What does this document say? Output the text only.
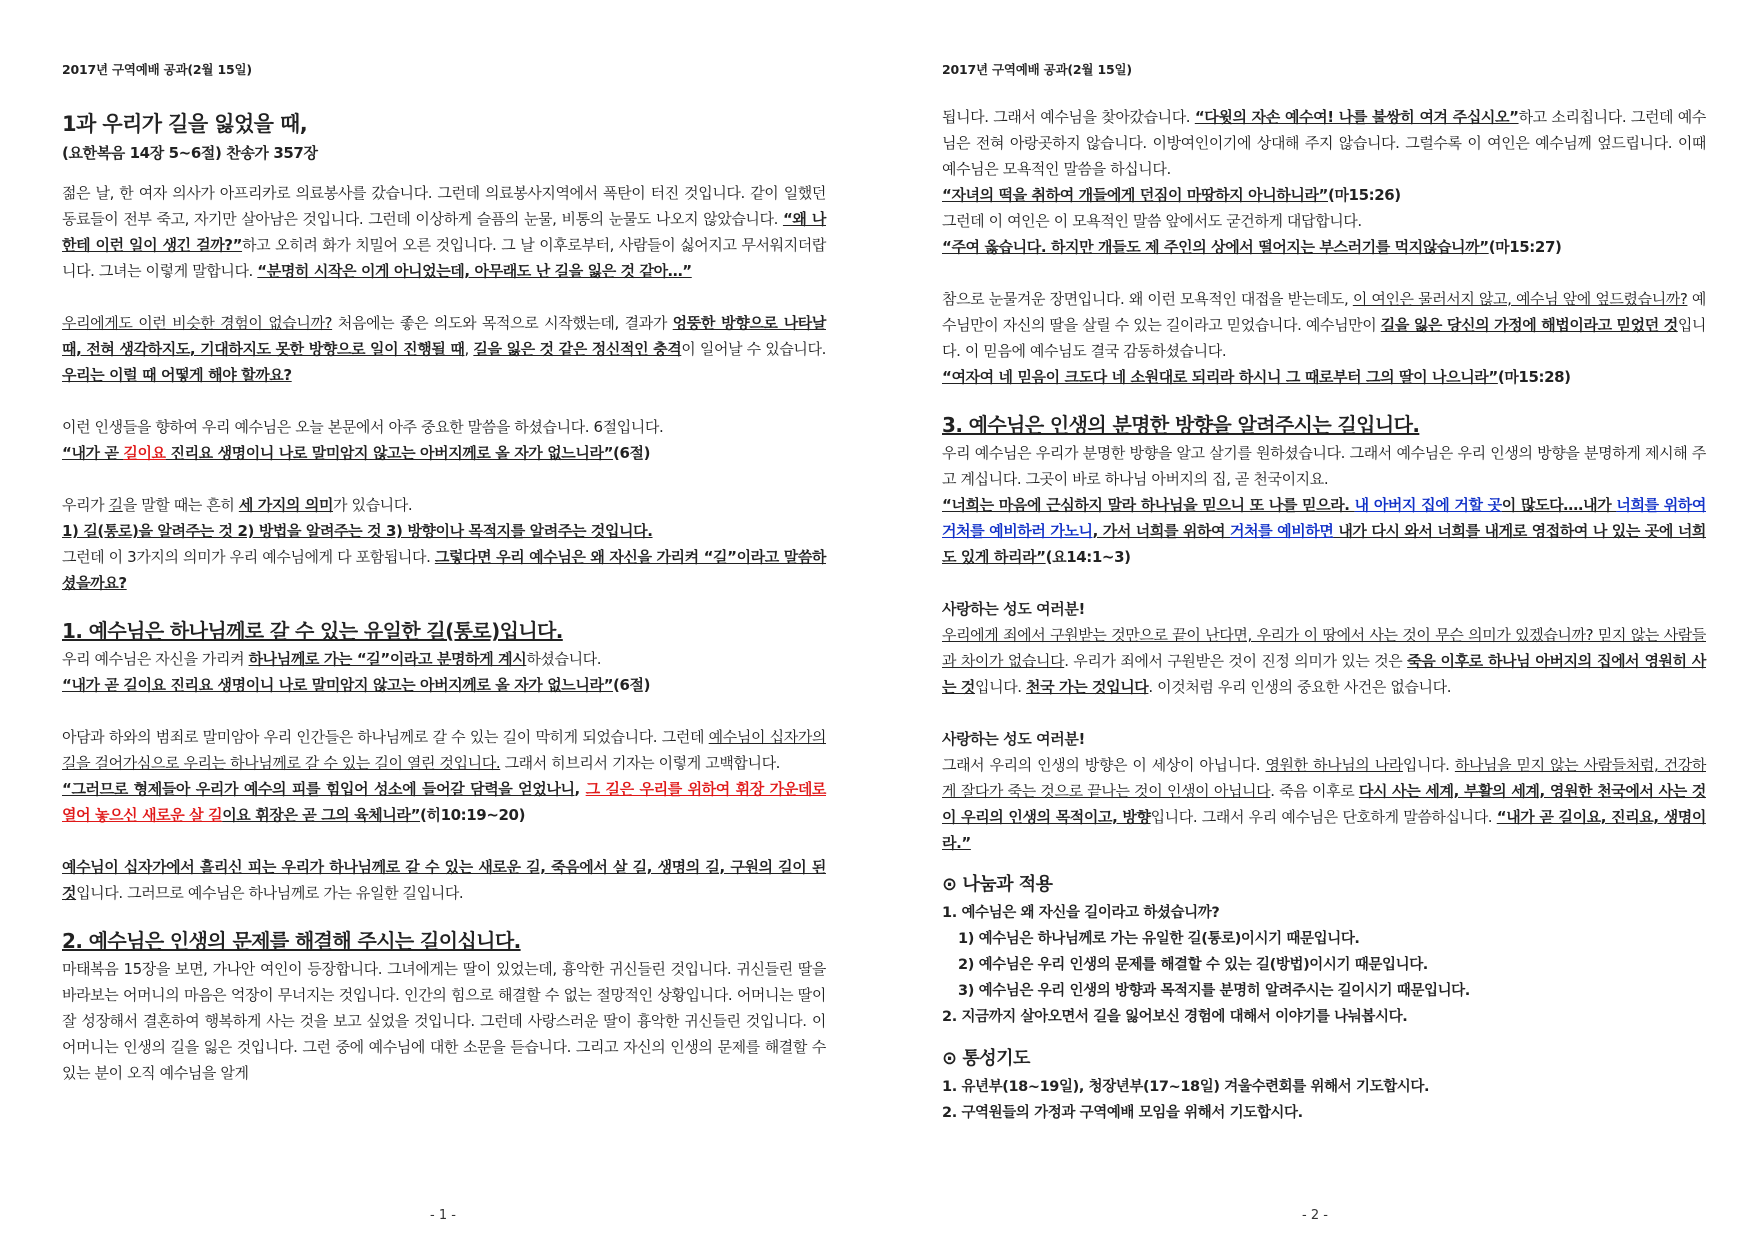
2017년 구역예배 공과(2월 15일)
1과 우리가 길을 잃었을 때,
(요한복음 14장 5~6절) 찬송가 357장

젊은 날, 한 여자 의사가 아프리카로 의료봉사를 갔습니다. 그런데 의료봉사지역에서 폭탄이 터진 것입니다. 같이 일했던 동료들이 전부 죽고, 자기만 살아남은 것입니다. 그런데 이상하게 슬픔의 눈물, 비통의 눈물도 나오지 않았습니다. “왜 나한테 이런 일이 생긴 걸까?”하고 오히려 화가 치밀어 오른 것입니다. 그 날 이후로부터, 사람들이 싫어지고 무서워지더랍니다. 그녀는 이렇게 말합니다. “분명히 시작은 이게 아니었는데, 아무래도 난 길을 잃은 것 같아…”

우리에게도 이런 비슷한 경험이 없습니까? 처음에는 좋은 의도와 목적으로 시작했는데, 결과가 엉뚱한 방향으로 나타날 때, 전혀 생각하지도, 기대하지도 못한 방향으로 일이 진행될 때, 길을 잃은 것 같은 정신적인 충격이 일어날 수 있습니다. 우리는 이럴 때 어떻게 해야 할까요?

이런 인생들을 향하여 우리 예수님은 오늘 본문에서 아주 중요한 말씀을 하셨습니다. 6절입니다.

“내가 곧 길이요 진리요 생명이니 나로 말미암지 않고는 아버지께로 올 자가 없느니라”(6절)

우리가 길을 말할 때는 흔히 세 가지의 의미가 있습니다.

1) 길(통로)을 알려주는 것 2) 방법을 알려주는 것 3) 방향이나 목적지를 알려주는 것입니다.

그런데 이 3가지의 의미가 우리 예수님에게 다 포함됩니다. 그렇다면 우리 예수님은 왜 자신을 가리켜 “길”이라고 말씀하셨을까요?

1. 예수님은 하나님께로 갈 수 있는 유일한 길(통로)입니다.

우리 예수님은 자신을 가리켜 하나님께로 가는 “길”이라고 분명하게 계시하셨습니다.

“내가 곧 길이요 진리요 생명이니 나로 말미암지 않고는 아버지께로 올 자가 없느니라”(6절)

아담과 하와의 범죄로 말미암아 우리 인간들은 하나님께로 갈 수 있는 길이 막히게 되었습니다. 그런데 예수님이 십자가의 길을 걸어가심으로 우리는 하나님께로 갈 수 있는 길이 열린 것입니다. 그래서 히브리서 기자는 이렇게 고백합니다.

“그러므로 형제들아 우리가 예수의 피를 힘입어 성소에 들어갈 담력을 얻었나니, 그 길은 우리를 위하여 휘장 가운데로 열어 놓으신 새로운 살 길이요 휘장은 곧 그의 육체니라”(히10:19~20)

예수님이 십자가에서 흘리신 피는 우리가 하나님께로 갈 수 있는 새로운 길, 죽음에서 살 길, 생명의 길, 구원의 길이 된 것입니다. 그러므로 예수님은 하나님께로 가는 유일한 길입니다.

2. 예수님은 인생의 문제를 해결해 주시는 길이십니다.

마태복음 15장을 보면, 가나안 여인이 등장합니다. 그녀에게는 딸이 있었는데, 흉악한 귀신들린 것입니다. 귀신들린 딸을 바라보는 어머니의 마음은 억장이 무너지는 것입니다. 인간의 힘으로 해결할 수 없는 절망적인 상황입니다. 어머니는 딸이 잘 성장해서 결혼하여 행복하게 사는 것을 보고 싶었을 것입니다. 그런데 사랑스러운 딸이 흉악한 귀신들린 것입니다. 이 어머니는 인생의 길을 잃은 것입니다. 그런 중에 예수님에 대한 소문을 듣습니다. 그리고 자신의 인생의 문제를 해결할 수 있는 분이 오직 예수님을 알게

- 1 -
2017년 구역예배 공과(2월 15일)

됩니다. 그래서 예수님을 찾아갔습니다. “다윗의 자손 예수여! 나를 불쌍히 여겨 주십시오”하고 소리칩니다. 그런데 예수님은 전혀 아랑곳하지 않습니다. 이방여인이기에 상대해 주지 않습니다. 그럴수록 이 여인은 예수님께 엎드립니다. 이때 예수님은 모욕적인 말씀을 하십니다.

“자녀의 떡을 취하여 개들에게 던짐이 마땅하지 아니하니라”(마15:26)

그런데 이 여인은 이 모욕적인 말씀 앞에서도 굳건하게 대답합니다.

“주여 옳습니다. 하지만 개들도 제 주인의 상에서 떨어지는 부스러기를 먹지않습니까”(마15:27)

참으로 눈물겨운 장면입니다. 왜 이런 모욕적인 대접을 받는데도, 이 여인은 물러서지 않고, 예수님 앞에 엎드렸습니까? 예수님만이 자신의 딸을 살릴 수 있는 길이라고 믿었습니다. 예수님만이 길을 잃은 당신의 가정에 해법이라고 믿었던 것입니다. 이 믿음에 예수님도 결국 감동하셨습니다.

“여자여 네 믿음이 크도다 네 소원대로 되리라 하시니 그 때로부터 그의 딸이 나으니라”(마15:28)

3. 예수님은 인생의 분명한 방향을 알려주시는 길입니다.

우리 예수님은 우리가 분명한 방향을 알고 살기를 원하셨습니다. 그래서 예수님은 우리 인생의 방향을 분명하게 제시해 주고 계십니다. 그곳이 바로 하나님 아버지의 집, 곧 천국이지요.

“너희는 마음에 근심하지 말라 하나님을 믿으니 또 나를 믿으라. 내 아버지 집에 거할 곳이 많도다….내가 너희를 위하여 거처를 예비하러 가노니, 가서 너희를 위하여 거처를 예비하면 내가 다시 와서 너희를 내게로 영접하여 나 있는 곳에 너희도 있게 하리라”(요14:1~3)

사랑하는 성도 여러분!

우리에게 죄에서 구원받는 것만으로 끝이 난다면, 우리가 이 땅에서 사는 것이 무슨 의미가 있겠습니까? 믿지 않는 사람들과 차이가 없습니다. 우리가 죄에서 구원받은 것이 진정 의미가 있는 것은 죽음 이후로 하나님 아버지의 집에서 영원히 사는 것입니다. 천국 가는 것입니다. 이것처럼 우리 인생의 중요한 사건은 없습니다.

사랑하는 성도 여러분!

그래서 우리의 인생의 방향은 이 세상이 아닙니다. 영원한 하나님의 나라입니다. 하나님을 믿지 않는 사람들처럼, 건강하게 잘다가 죽는 것으로 끝나는 것이 인생이 아닙니다. 죽음 이후로 다시 사는 세계, 부활의 세계, 영원한 천국에서 사는 것이 우리의 인생의 목적이고, 방향입니다. 그래서 우리 예수님은 단호하게 말씀하십니다. “내가 곧 길이요, 진리요, 생명이라.”

⊙ 나눔과 적용
1. 예수님은 왜 자신을 길이라고 하셨습니까?
1) 예수님은 하나님께로 가는 유일한 길(통로)이시기 때문입니다.
2) 예수님은 우리 인생의 문제를 해결할 수 있는 길(방법)이시기 때문입니다.
3) 예수님은 우리 인생의 방향과 목적지를 분명히 알려주시는 길이시기 때문입니다.
2. 지금까지 살아오면서 길을 잃어보신 경험에 대해서 이야기를 나눠봅시다.
⊙ 통성기도
1. 유년부(18~19일), 청장년부(17~18일) 겨울수련회를 위해서 기도합시다.
2. 구역원들의 가정과 구역예배 모임을 위해서 기도합시다.
- 2 -
